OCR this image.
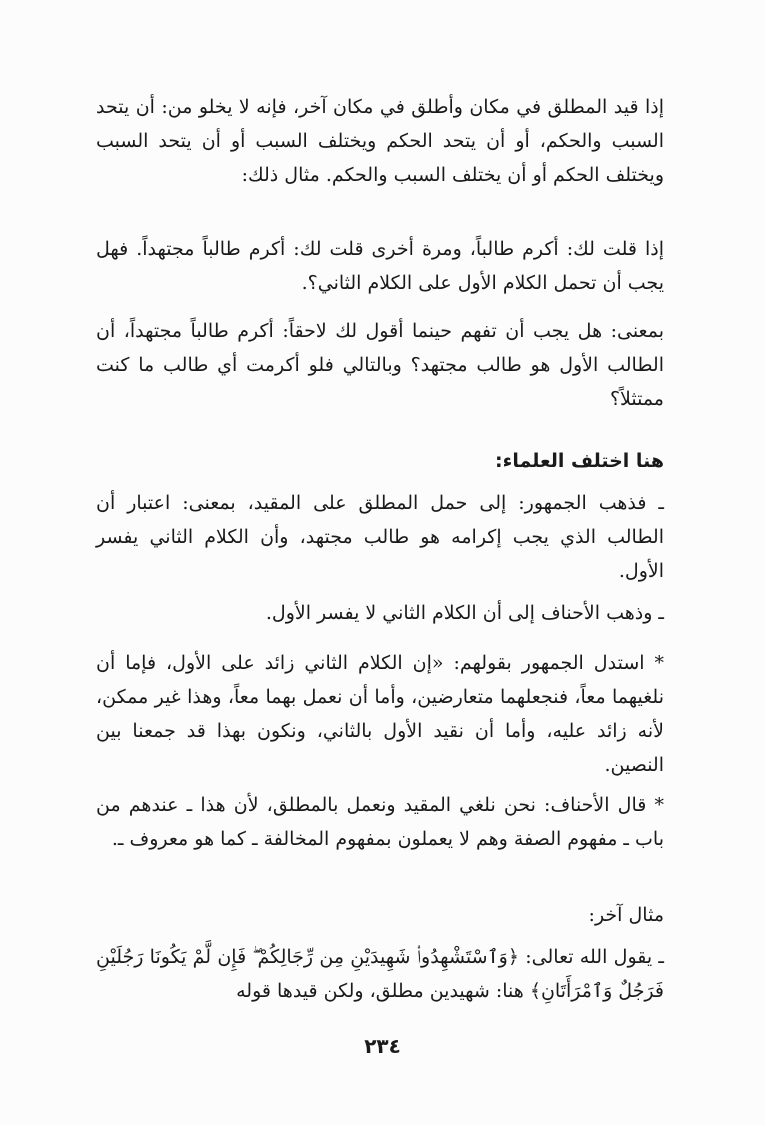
إذا قيد المطلق في مكان وأطلق في مكان آخر، فإنه لا يخلو من: أن يتحد السبب والحكم، أو أن يتحد الحكم ويختلف السبب أو أن يتحد السبب ويختلف الحكم أو أن يختلف السبب والحكم. مثال ذلك:

إذا قلت لك: أكرم طالباً، ومرة أخرى قلت لك: أكرم طالباً مجتهداً. فهل يجب أن تحمل الكلام الأول على الكلام الثاني؟.

بمعنى: هل يجب أن تفهم حينما أقول لك لاحقاً: أكرم طالباً مجتهداً، أن الطالب الأول هو طالب مجتهد؟ وبالتالي فلو أكرمت أي طالب ما كنت ممتثلاً؟

هنا اختلف العلماء:

ـ فذهب الجمهور: إلى حمل المطلق على المقيد، بمعنى: اعتبار أن الطالب الذي يجب إكرامه هو طالب مجتهد، وأن الكلام الثاني يفسر الأول.

ـ وذهب الأحناف إلى أن الكلام الثاني لا يفسر الأول.

* استدل الجمهور بقولهم: «إن الكلام الثاني زائد على الأول، فإما أن نلغيهما معاً، فنجعلهما متعارضين، وأما أن نعمل بهما معاً، وهذا غير ممكن، لأنه زائد عليه، وأما أن نقيد الأول بالثاني، ونكون بهذا قد جمعنا بين النصين.

* قال الأحناف: نحن نلغي المقيد ونعمل بالمطلق، لأن هذا ـ عندهم من باب ـ مفهوم الصفة وهم لا يعملون بمفهوم المخالفة ـ كما هو معروف ـ.

مثال آخر:

ـ يقول الله تعالى: ﴿وَٱسْتَشْهِدُوا۟ شَهِيدَيْنِ مِن رِّجَالِكُمْ ۖ فَإِن لَّمْ يَكُونَا رَجُلَيْنِ فَرَجُلٌ وَٱمْرَأَتَانِ﴾ هنا: شهيدين مطلق، ولكن قيدها قوله

٢٣٤
